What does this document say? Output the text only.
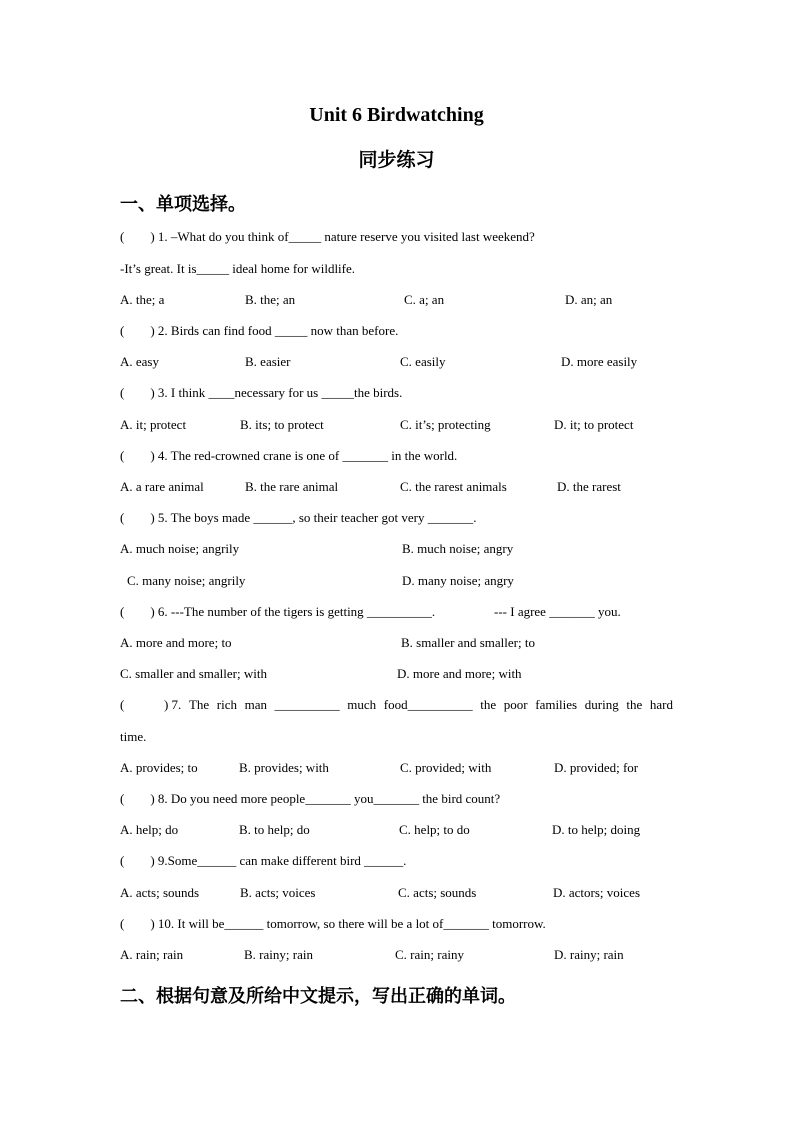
Unit 6 Birdwatching
同步练习
一、单项选择。
(        ) 1. –What do you think of_____ nature reserve you visited last weekend?
-It’s great. It is_____ ideal home for wildlife.
A. the; a	B. the; an	C. a; an	D. an; an
(        ) 2. Birds can find food _____ now than before.
A. easy	B. easier	C. easily	D. more easily
(        ) 3. I think ____necessary for us _____the birds.
A. it; protect	B. its; to protect	C. it’s; protecting	D. it; to protect
(        ) 4. The red-crowned crane is one of _______ in the world.
A. a rare animal	B. the rare animal	C. the rarest animals	D. the rarest
(        ) 5. The boys made ______, so their teacher got very _______.
A. much noise; angrily	B. much noise; angry
C. many noise; angrily	D. many noise; angry
(        ) 6. ---The number of the tigers is getting __________.	--- I agree _______ you.
A. more and more; to	B. smaller and smaller; to
C. smaller and smaller; with	D. more and more; with
(	) 7. The rich man __________ much food__________ the poor families during the hard
time.
A. provides; to	B. provides; with	C. provided; with	D. provided; for
(        ) 8. Do you need more people_______ you_______ the bird count?
A. help; do	B. to help; do	C. help; to do	D. to help; doing
(        ) 9.Some______ can make different bird ______.
A. acts; sounds	B. acts; voices	C. acts; sounds	D. actors; voices
(        ) 10. It will be______ tomorrow, so there will be a lot of_______ tomorrow.
A. rain; rain	B. rainy; rain	C. rain; rainy	D. rainy; rain
二、根据句意及所给中文提示，写出正确的单词。
